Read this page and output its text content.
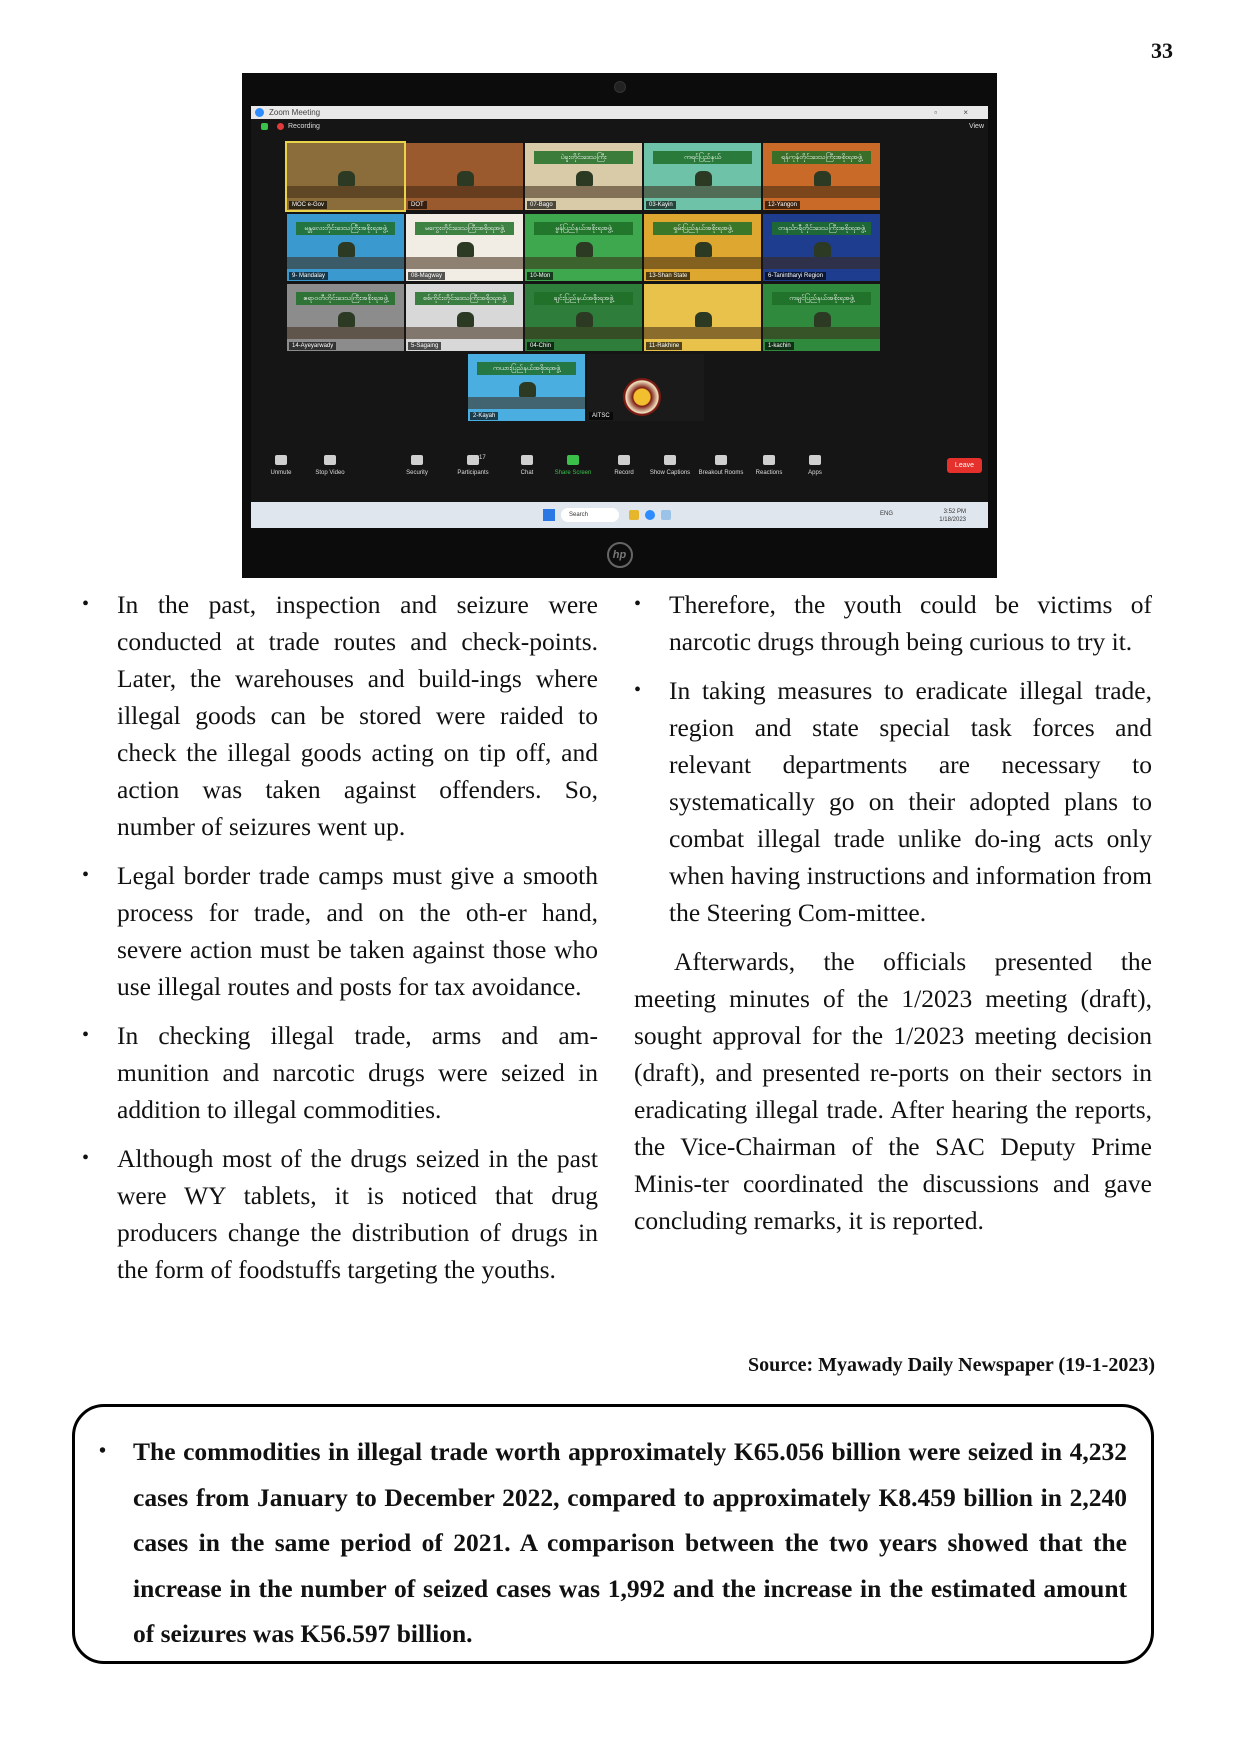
33
Zoom Meeting	▫ ×
Recording	View
MOC e-Gov	DOT
ပဲခူးတိုင်းဒေသကြီး
07-Bago
ကရင်ပြည်နယ်
03-Kayin
ရန်ကုန်တိုင်းဒေသကြီးအစိုးရအဖွဲ့
12-Yangon
မန္တလေးတိုင်းဒေသကြီးအစိုးရအဖွဲ့
9- Mandalay
မကွေးတိုင်းဒေသကြီးအစိုးရအဖွဲ့
08-Magway
မွန်ပြည်နယ်အစိုးရအဖွဲ့
10-Mon
ရှမ်းပြည်နယ်အစိုးရအဖွဲ့
13-Shan State
တနင်္သာရီတိုင်းဒေသကြီးအစိုးရအဖွဲ့
6-Tanintharyi Region
ဧရာဝတီတိုင်းဒေသကြီးအစိုးရအဖွဲ့
14-Ayeyarwady
စစ်ကိုင်းတိုင်းဒေသကြီးအစိုးရအဖွဲ့
5-Sagaing
ချင်းပြည်နယ်အစိုးရအဖွဲ့
04-Chin	11-Rakhine
ကချင်ပြည်နယ်အစိုးရအဖွဲ့
1-kachin
ကယားပြည်နယ်အစိုးရအဖွဲ့
2-Kayah	AITSC
Leave
Unmute	Stop Video	Security	Participants
17
Chat	Share Screen	Record	Show Captions	Breakout Rooms	Reactions	Apps
Search	ENG	3:52 PM
1/18/2023
hp
• In the past, inspection and seizure were conducted at trade routes and check-points. Later, the warehouses and build-ings where illegal goods can be stored were raided to check the illegal goods acting on tip off, and action was taken against offenders. So, number of seizures went up.
• Legal border trade camps must give a smooth process for trade, and on the oth-er hand, severe action must be taken against those who use illegal routes and posts for tax avoidance.
• In checking illegal trade, arms and am-munition and narcotic drugs were seized in addition to illegal commodities.
• Although most of the drugs seized in the past were WY tablets, it is noticed that drug producers change the distribution of drugs in the form of foodstuffs targeting the youths.
• Therefore, the youth could be victims of narcotic drugs through being curious to try it.
• In taking measures to eradicate illegal trade, region and state special task forces and relevant departments are necessary to systematically go on their adopted plans to combat illegal trade unlike do-ing acts only when having instructions and information from the Steering Com-mittee.

Afterwards, the officials presented the meeting minutes of the 1/2023 meeting (draft), sought approval for the 1/2023 meeting decision (draft), and presented re-ports on their sectors in eradicating illegal trade. After hearing the reports, the Vice-Chairman of the SAC Deputy Prime Minis-ter coordinated the discussions and gave concluding remarks, it is reported.

Source: Myawady Daily Newspaper (19-1-2023)
• The commodities in illegal trade worth approximately K65.056 billion were seized in 4,232 cases from January to December 2022, compared to approximately K8.459 billion in 2,240 cases in the same period of 2021. A comparison between the two years showed that the increase in the number of seized cases was 1,992 and the increase in the estimated amount of seizures was K56.597 billion.
